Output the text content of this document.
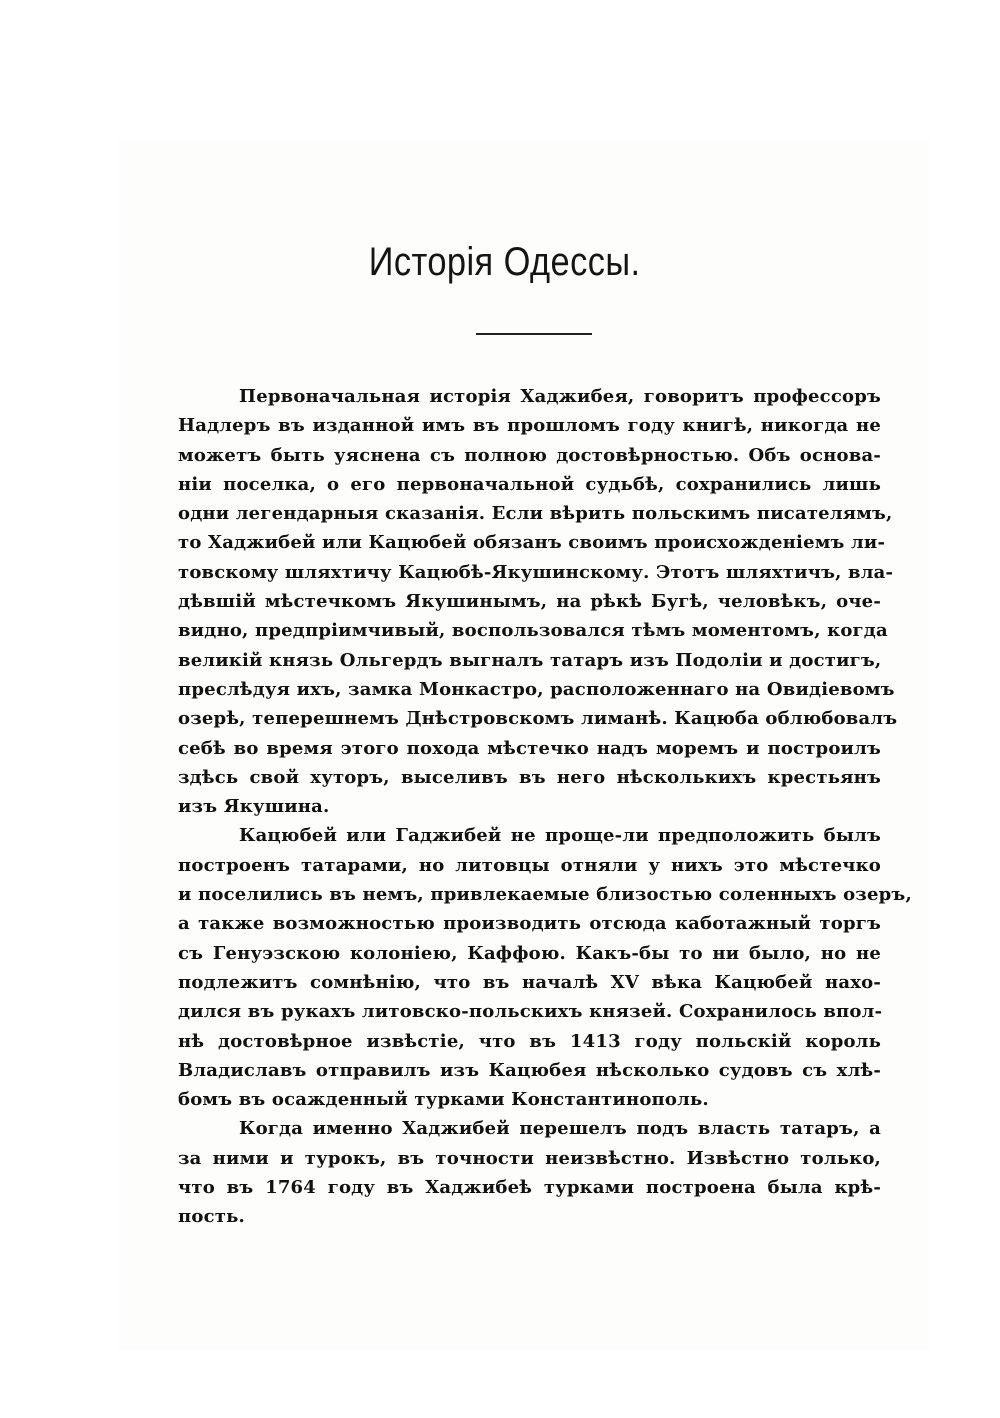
Исторія Одессы.
Первоначальная исторія Хаджибея, говоритъ профессоръ
Надлеръ въ изданной имъ въ прошломъ году книгѣ, никогда не
можетъ быть уяснена съ полною достовѣрностью. Объ основа-
ніи поселка, о его первоначальной судьбѣ, сохранились лишь
одни легендарныя сказанія. Если вѣрить польскимъ писателямъ,
то Хаджибей или Кацюбей обязанъ своимъ происхожденіемъ ли-
товскому шляхтичу Кацюбѣ-Якушинскому. Этотъ шляхтичъ, вла-
дѣвшій мѣстечкомъ Якушинымъ, на рѣкѣ Бугѣ, человѣкъ, оче-
видно, предпріимчивый, воспользовался тѣмъ моментомъ, когда
великій князь Ольгердъ выгналъ татаръ изъ Подоліи и достигъ,
преслѣдуя ихъ, замка Монкастро, расположеннаго на Овидіевомъ
озерѣ, теперешнемъ Днѣстровскомъ лиманѣ. Кацюба облюбовалъ
себѣ во время этого похода мѣстечко надъ моремъ и построилъ
здѣсь свой хуторъ, выселивъ въ него нѣсколькихъ крестьянъ
изъ Якушина.
Кацюбей или Гаджибей не проще-ли предположить былъ
построенъ татарами, но литовцы отняли у нихъ это мѣстечко
и поселились въ немъ, привлекаемые близостью соленныхъ озеръ,
а также возможностью производить отсюда каботажный торгъ
съ Генуэзскою колоніею, Каффою. Какъ-бы то ни было, но не
подлежитъ сомнѣнію, что въ началѣ XV вѣка Кацюбей нахо-
дился въ рукахъ литовско-польскихъ князей. Сохранилось впол-
нѣ достовѣрное извѣстіе, что въ 1413 году польскій король
Владиславъ отправилъ изъ Кацюбея нѣсколько судовъ съ хлѣ-
бомъ въ осажденный турками Константинополь.
Когда именно Хаджибей перешелъ подъ власть татаръ, а
за ними и турокъ, въ точности неизвѣстно. Извѣстно только,
что въ 1764 году въ Хаджибеѣ турками построена была крѣ-
пость.
